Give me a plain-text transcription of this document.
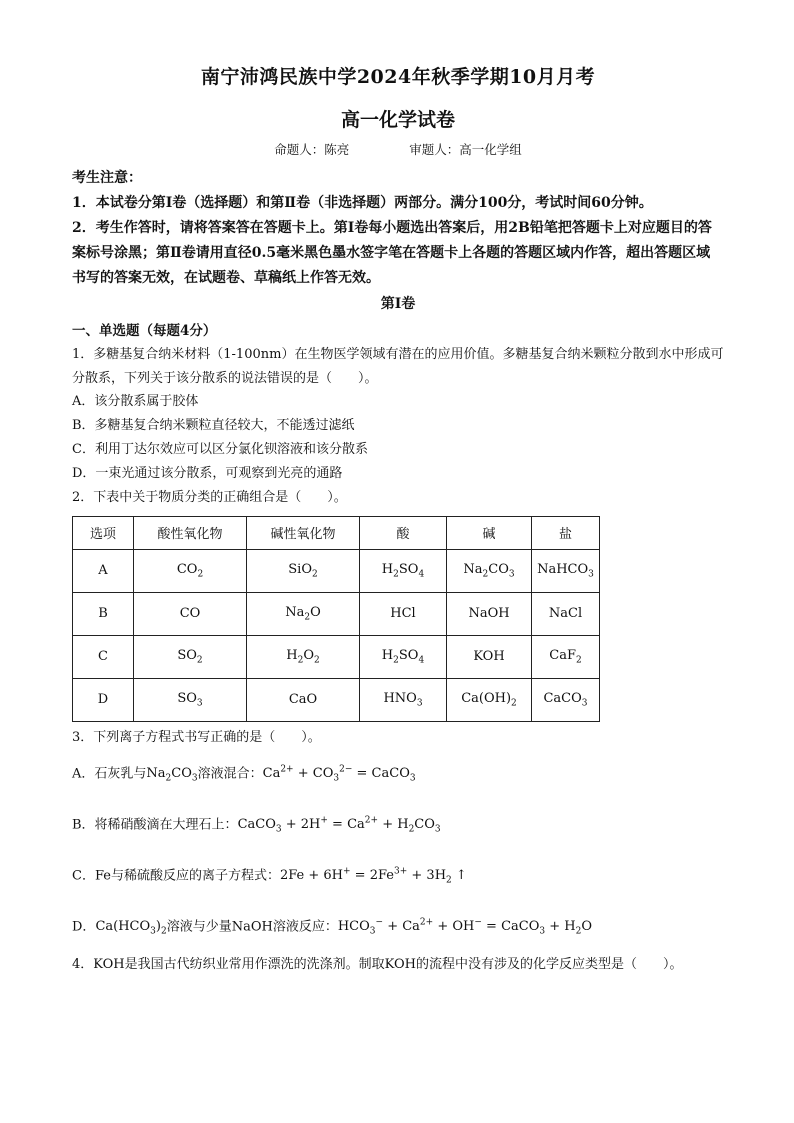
南宁沛鸿民族中学2024年秋季学期10月月考
高一化学试卷
命题人：陈亮	审题人：高一化学组
考生注意：
1．本试卷分第Ⅰ卷（选择题）和第Ⅱ卷（非选择题）两部分。满分100分，考试时间60分钟。
2．考生作答时，请将答案答在答题卡上。第Ⅰ卷每小题选出答案后，用2B铅笔把答题卡上对应题目的答案标号涂黑；第Ⅱ卷请用直径0.5毫米黑色墨水签字笔在答题卡上各题的答题区域内作答，超出答题区域书写的答案无效，在试题卷、草稿纸上作答无效。
第Ⅰ卷
一、单选题（每题4分）
1．多糖基复合纳米材料（1-100nm）在生物医学领域有潜在的应用价值。多糖基复合纳米颗粒分散到水中形成可分散系，下列关于该分散系的说法错误的是（　　）。
A．该分散系属于胶体
B．多糖基复合纳米颗粒直径较大，不能透过滤纸
C．利用丁达尔效应可以区分氯化钡溶液和该分散系
D．一束光通过该分散系，可观察到光亮的通路
2．下表中关于物质分类的正确组合是（　　）。
选项	酸性氧化物	碱性氧化物	酸	碱	盐
A	$CO_2$	SiO$_2$	$H_2SO_4$	$Na_2CO_3$	NaHCO$_3$
B	CO	$Na_2O$	HCl	NaOH	NaCl
C	$SO_2$	$H_2O_2$	$H_2SO_4$	KOH	CaF$_2$
D	$SO_3$	CaO	$HNO_3$	$Ca(OH)_2$	CaCO$_3$
3．下列离子方程式书写正确的是（　　）。
A．石灰乳与$Na_2CO_3$溶液混合：$Ca^{2+} + CO_3^{2-}$ = CaCO$_3$
B．将稀硝酸滴在大理石上：CaCO$_3$ + $2H^+ = Ca^{2+} + H_2CO_3$
C．Fe与稀硫酸反应的离子方程式：$2Fe + 6H^+ = 2Fe^{3+} + 3H_2$ ↑
D．$Ca(HCO_3)_2$溶液与少量NaOH溶液反应：$HCO_3^- + Ca^{2+} + OH^-$ = CaCO$_3$ + $H_2O$
4．KOH是我国古代纺织业常用作漂洗的洗涤剂。制取KOH的流程中没有涉及的化学反应类型是（　　）。
